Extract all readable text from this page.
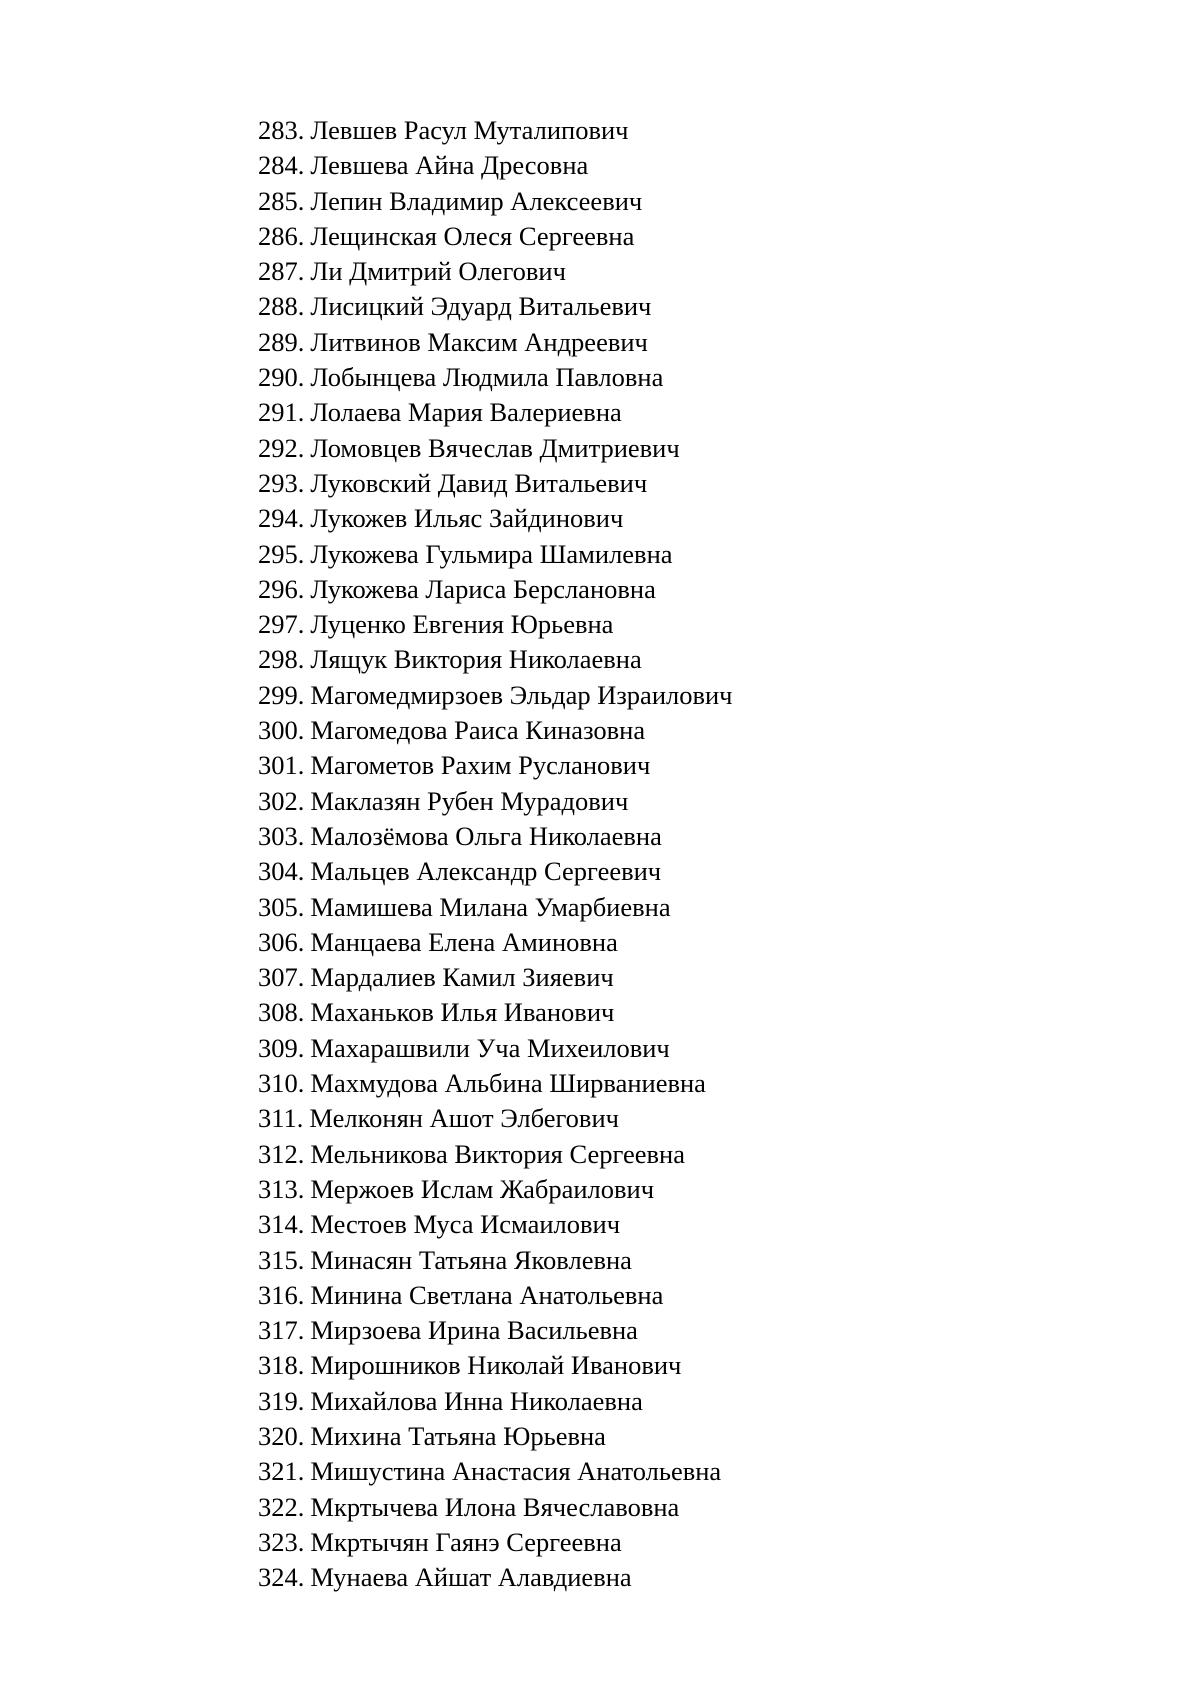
283. Левшев Расул Муталипович
284. Левшева Айна Дресовна
285. Лепин Владимир Алексеевич
286. Лещинская Олеся Сергеевна
287. Ли Дмитрий Олегович
288. Лисицкий Эдуард Витальевич
289. Литвинов Максим Андреевич
290. Лобынцева Людмила Павловна
291. Лолаева Мария Валериевна
292. Ломовцев Вячеслав Дмитриевич
293. Луковский Давид Витальевич
294. Лукожев Ильяс Зайдинович
295. Лукожева Гульмира Шамилевна
296. Лукожева Лариса Берслановна
297. Луценко Евгения Юрьевна
298. Лящук Виктория Николаевна
299. Магомедмирзоев Эльдар Израилович
300. Магомедова Раиса Киназовна
301. Магометов Рахим Русланович
302. Маклазян Рубен Мурадович
303. Малозёмова Ольга Николаевна
304. Мальцев Александр Сергеевич
305. Мамишева Милана Умарбиевна
306. Манцаева Елена Аминовна
307. Мардалиев Камил Зияевич
308. Маханьков Илья Иванович
309. Махарашвили Уча Михеилович
310. Махмудова Альбина Ширваниевна
311. Мелконян Ашот Элбегович
312. Мельникова Виктория Сергеевна
313. Мержоев Ислам Жабраилович
314. Местоев Муса Исмаилович
315. Минасян Татьяна Яковлевна
316. Минина Светлана Анатольевна
317. Мирзоева Ирина Васильевна
318. Мирошников Николай Иванович
319. Михайлова Инна Николаевна
320. Михина Татьяна Юрьевна
321. Мишустина Анастасия Анатольевна
322. Мкртычева Илона Вячеславовна
323. Мкртычян Гаянэ Сергеевна
324. Мунаева Айшат Алавдиевна
